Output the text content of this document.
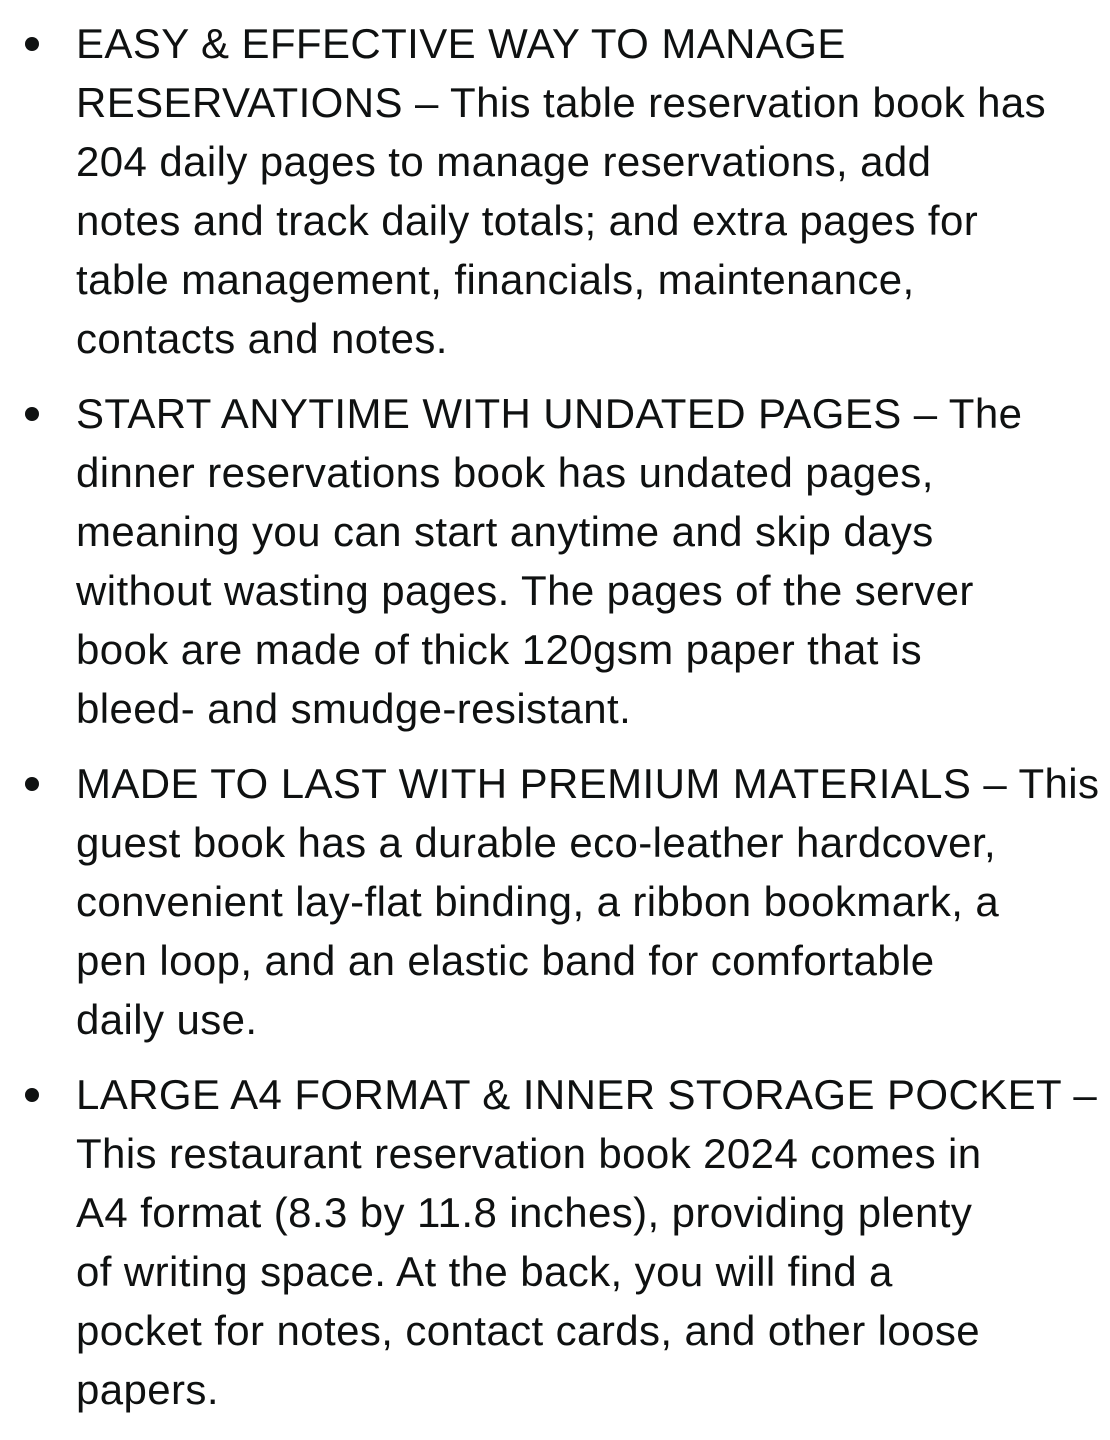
EASY & EFFECTIVE WAY TO MANAGE
RESERVATIONS – This table reservation book has
204 daily pages to manage reservations, add
notes and track daily totals; and extra pages for
table management, financials, maintenance,
contacts and notes.
START ANYTIME WITH UNDATED PAGES – The
dinner reservations book has undated pages,
meaning you can start anytime and skip days
without wasting pages. The pages of the server
book are made of thick 120gsm paper that is
bleed- and smudge-resistant.
MADE TO LAST WITH PREMIUM MATERIALS – This
guest book has a durable eco-leather hardcover,
convenient lay-flat binding, a ribbon bookmark, a
pen loop, and an elastic band for comfortable
daily use.
LARGE A4 FORMAT & INNER STORAGE POCKET –
This restaurant reservation book 2024 comes in
A4 format (8.3 by 11.8 inches), providing plenty
of writing space. At the back, you will find a
pocket for notes, contact cards, and other loose
papers.
